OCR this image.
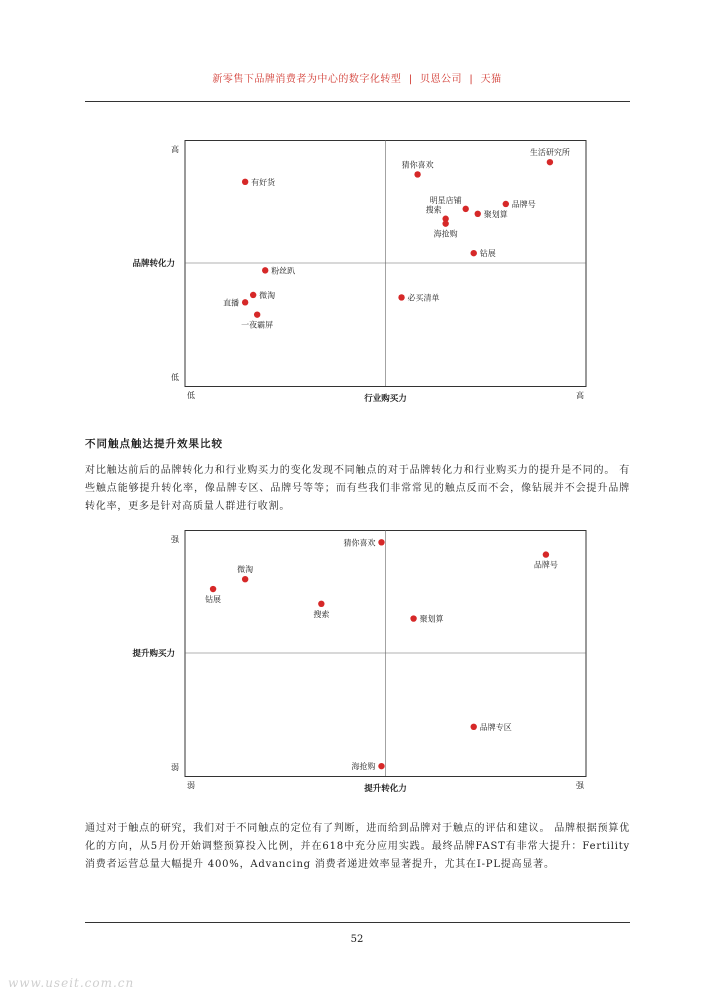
新零售下品牌消费者为中心的数字化转型 | 贝恩公司 | 天猫
高
低
低	高
品牌转化力
行业购买力
生活研究所
猜你喜欢
有好货
明星店铺	品牌号
聚划算
搜索
海抢购
钻展
粉丝趴
微淘
直播
一夜霸屏
必买清单
不同触点触达提升效果比较
对比触达前后的品牌转化力和行业购买力的变化发现不同触点的对于品牌转化力和行业购买力的提升是不同的。 有些触点能够提升转化率，像品牌专区、品牌号等等；而有些我们非常常见的触点反而不会，像钻展并不会提升品牌转化率，更多是针对高质量人群进行收割。
强
弱
弱	强
提升购买力
提升转化力
猜你喜欢
品牌号
微淘
钻展
搜索
聚划算
品牌专区
海抢购
通过对于触点的研究，我们对于不同触点的定位有了判断，进而给到品牌对于触点的评估和建议。 品牌根据预算优化的方向，从5月份开始调整预算投入比例，并在618中充分应用实践。最终品牌FAST有非常大提升：Fertility 消费者运营总量大幅提升 400%，Advancing 消费者递进效率显著提升，尤其在I-PL提高显著。
52
www.useit.com.cn
